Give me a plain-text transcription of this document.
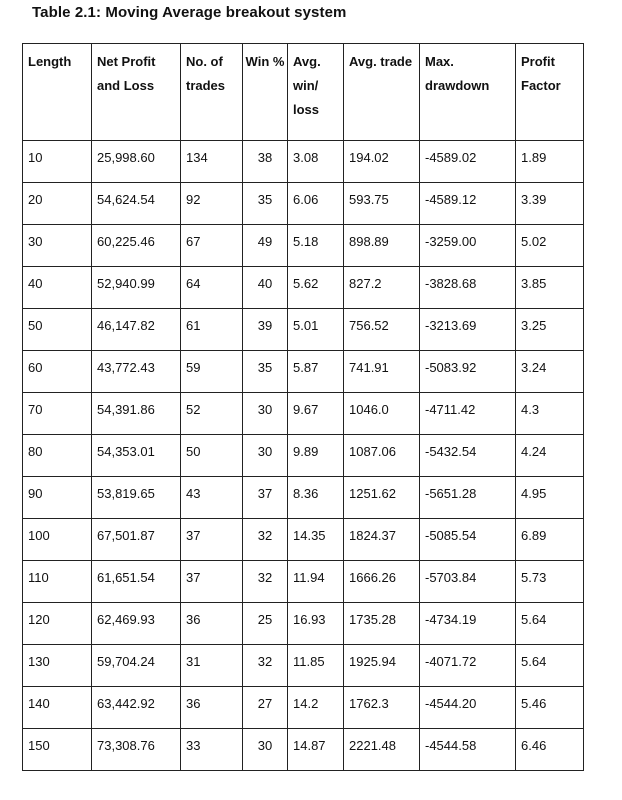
Table 2.1: Moving Average breakout system
Length	Net Profit and Loss	No. of trades	Win %	Avg. win/ loss	Avg. trade	Max. drawdown	Profit Factor
10	25,998.60	134	38	3.08	194.02	-4589.02	1.89
20	54,624.54	92	35	6.06	593.75	-4589.12	3.39
30	60,225.46	67	49	5.18	898.89	-3259.00	5.02
40	52,940.99	64	40	5.62	827.2	-3828.68	3.85
50	46,147.82	61	39	5.01	756.52	-3213.69	3.25
60	43,772.43	59	35	5.87	741.91	-5083.92	3.24
70	54,391.86	52	30	9.67	1046.0	-4711.42	4.3
80	54,353.01	50	30	9.89	1087.06	-5432.54	4.24
90	53,819.65	43	37	8.36	1251.62	-5651.28	4.95
100	67,501.87	37	32	14.35	1824.37	-5085.54	6.89
110	61,651.54	37	32	11.94	1666.26	-5703.84	5.73
120	62,469.93	36	25	16.93	1735.28	-4734.19	5.64
130	59,704.24	31	32	11.85	1925.94	-4071.72	5.64
140	63,442.92	36	27	14.2	1762.3	-4544.20	5.46
150	73,308.76	33	30	14.87	2221.48	-4544.58	6.46
